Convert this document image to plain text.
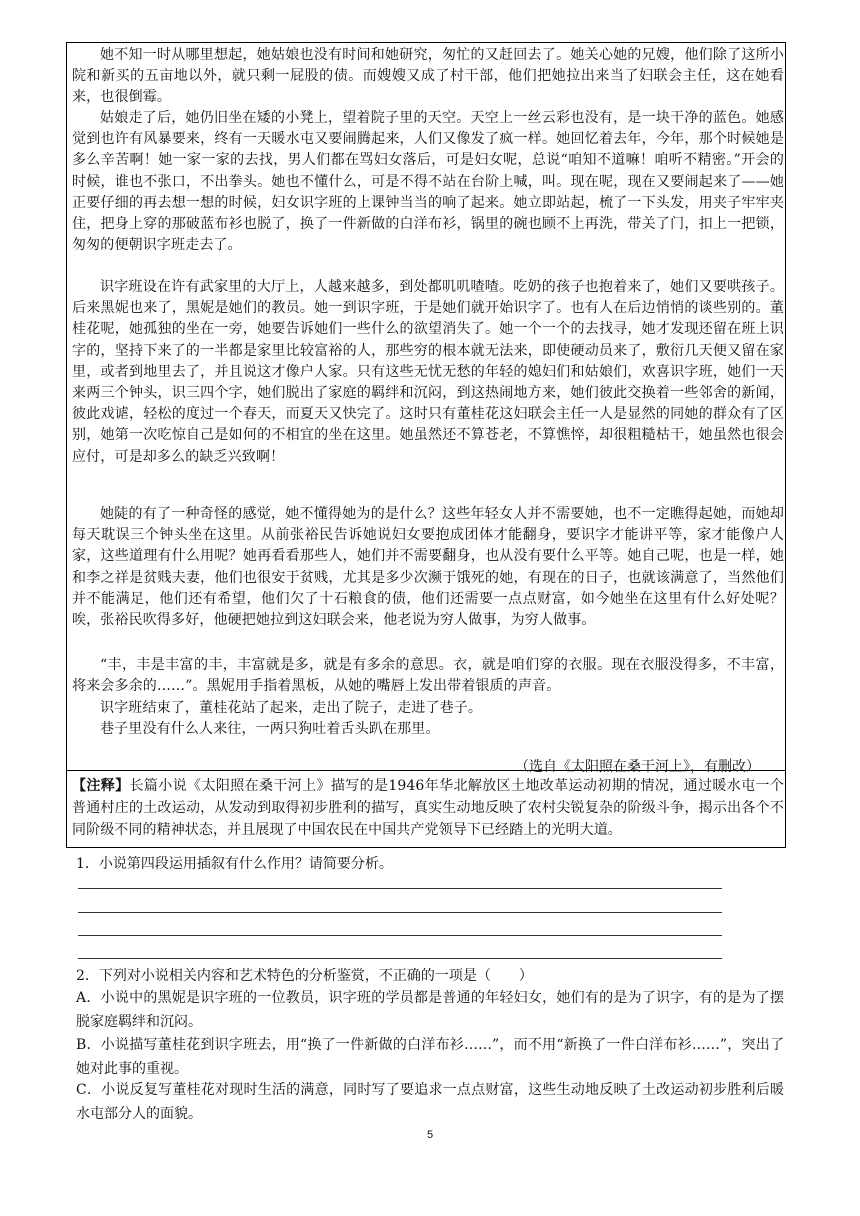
她不知一时从哪里想起，她姑娘也没有时间和她研究，匆忙的又赶回去了。她关心她的兄嫂，他们除了这所小院和新买的五亩地以外，就只剩一屁股的债。而嫂嫂又成了村干部，他们把她拉出来当了妇联会主任，这在她看来，也很倒霉。

姑娘走了后，她仍旧坐在矮的小凳上，望着院子里的天空。天空上一丝云彩也没有，是一块干净的蓝色。她感觉到也许有风暴要来，终有一天暖水屯又要闹腾起来，人们又像发了疯一样。她回忆着去年，今年，那个时候她是多么辛苦啊！她一家一家的去找，男人们都在骂妇女落后，可是妇女呢，总说“咱知不道嘛！咱听不精密。”开会的时候，谁也不张口，不出拳头。她也不懂什么，可是不得不站在台阶上喊，叫。现在呢，现在又要闹起来了——她正要仔细的再去想一想的时候，妇女识字班的上课钟当当的响了起来。她立即站起，梳了一下头发，用夹子牢牢夹住，把身上穿的那破蓝布衫也脱了，换了一件新做的白洋布衫，锅里的碗也顾不上再洗，带关了门，扣上一把锁，匆匆的便朝识字班走去了。

识字班设在许有武家里的大厅上，人越来越多，到处都叽叽喳喳。吃奶的孩子也抱着来了，她们又要哄孩子。后来黑妮也来了，黑妮是她们的教员。她一到识字班，于是她们就开始识字了。也有人在后边悄悄的谈些别的。董桂花呢，她孤独的坐在一旁，她要告诉她们一些什么的欲望消失了。她一个一个的去找寻，她才发现还留在班上识字的，坚持下来了的一半都是家里比较富裕的人，那些穷的根本就无法来，即使硬动员来了，敷衍几天便又留在家里，或者到地里去了，并且说这才像户人家。只有这些无忧无愁的年轻的媳妇们和姑娘们，欢喜识字班，她们一天来两三个钟头，识三四个字，她们脱出了家庭的羁绊和沉闷，到这热闹地方来，她们彼此交换着一些邻舍的新闻，彼此戏谑，轻松的度过一个春天，而夏天又快完了。这时只有董桂花这妇联会主任一人是显然的同她的群众有了区别，她第一次吃惊自己是如何的不相宜的坐在这里。她虽然还不算苍老，不算憔悴，却很粗糙枯干，她虽然也很会应付，可是却多么的缺乏兴致啊！

她陡的有了一种奇怪的感觉，她不懂得她为的是什么？这些年轻女人并不需要她，也不一定瞧得起她，而她却每天耽误三个钟头坐在这里。从前张裕民告诉她说妇女要抱成团体才能翻身，要识字才能讲平等，家才能像户人家，这些道理有什么用呢？她再看看那些人，她们并不需要翻身，也从没有要什么平等。她自己呢，也是一样，她和李之祥是贫贱夫妻，他们也很安于贫贱，尤其是多少次濒于饿死的她，有现在的日子，也就该满意了，当然他们并不能满足，他们还有希望，他们欠了十石粮食的债，他们还需要一点点财富，如今她坐在这里有什么好处呢？唉，张裕民吹得多好，他硬把她拉到这妇联会来，他老说为穷人做事，为穷人做事。

“丰，丰是丰富的丰，丰富就是多，就是有多余的意思。衣，就是咱们穿的衣服。现在衣服没得多，不丰富，将来会多余的……”。黑妮用手指着黑板，从她的嘴唇上发出带着银质的声音。

识字班结束了，董桂花站了起来，走出了院子，走进了巷子。

巷子里没有什么人来往，一两只狗吐着舌头趴在那里。

（选自《太阳照在桑干河上》，有删改）

【注释】长篇小说《太阳照在桑干河上》描写的是1946年华北解放区土地改革运动初期的情况，通过暖水屯一个普通村庄的土改运动，从发动到取得初步胜利的描写，真实生动地反映了农村尖锐复杂的阶级斗争，揭示出各个不同阶级不同的精神状态，并且展现了中国农民在中国共产党领导下已经踏上的光明大道。

1．小说第四段运用插叙有什么作用？请简要分析。

2．下列对小说相关内容和艺术特色的分析鉴赏，不正确的一项是（　　）

A．小说中的黑妮是识字班的一位教员，识字班的学员都是普通的年轻妇女，她们有的是为了识字，有的是为了摆脱家庭羁绊和沉闷。

B．小说描写董桂花到识字班去，用“换了一件新做的白洋布衫……”，而不用“新换了一件白洋布衫……”，突出了她对此事的重视。

C．小说反复写董桂花对现时生活的满意，同时写了要追求一点点财富，这些生动地反映了土改运动初步胜利后暖水屯部分人的面貌。

5
